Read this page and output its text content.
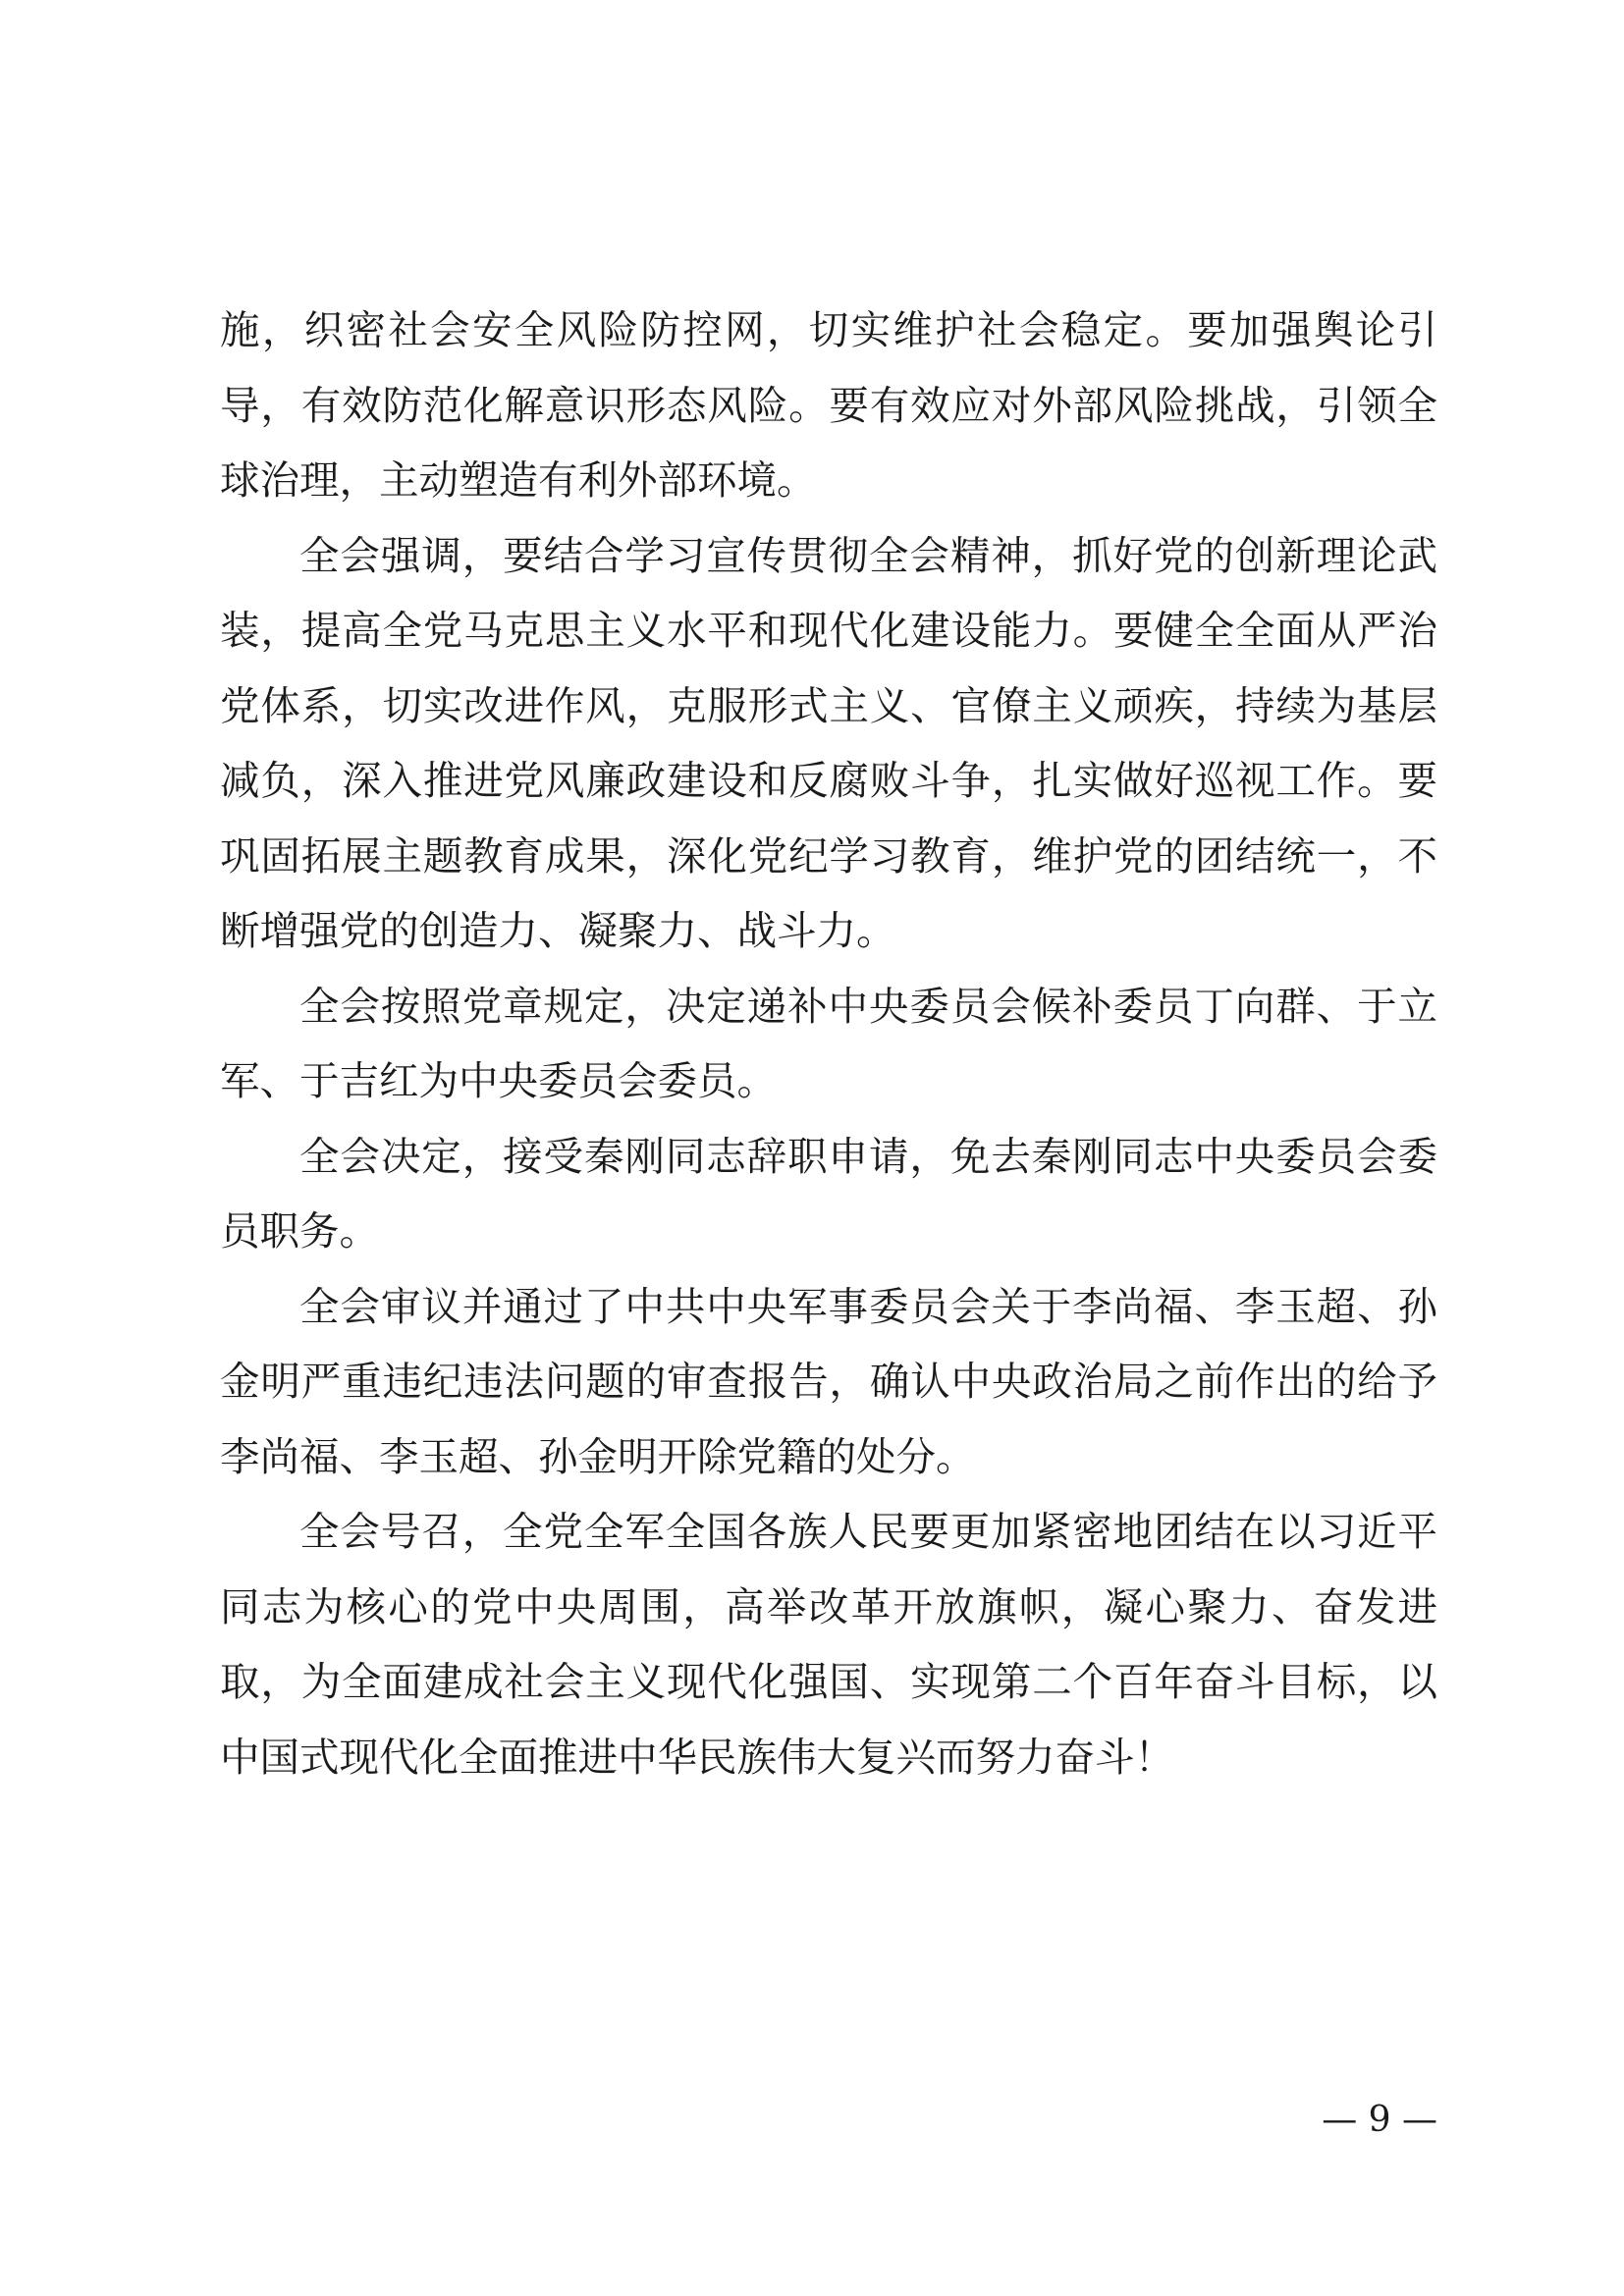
施，织密社会安全风险防控网，切实维护社会稳定。要加强舆论引导，有效防范化解意识形态风险。要有效应对外部风险挑战，引领全球治理，主动塑造有利外部环境。

全会强调，要结合学习宣传贯彻全会精神，抓好党的创新理论武装，提高全党马克思主义水平和现代化建设能力。要健全全面从严治党体系，切实改进作风，克服形式主义、官僚主义顽疾，持续为基层减负，深入推进党风廉政建设和反腐败斗争，扎实做好巡视工作。要巩固拓展主题教育成果，深化党纪学习教育，维护党的团结统一，不断增强党的创造力、凝聚力、战斗力。

全会按照党章规定，决定递补中央委员会候补委员丁向群、于立军、于吉红为中央委员会委员。

全会决定，接受秦刚同志辞职申请，免去秦刚同志中央委员会委员职务。

全会审议并通过了中共中央军事委员会关于李尚福、李玉超、孙金明严重违纪违法问题的审查报告，确认中央政治局之前作出的给予李尚福、李玉超、孙金明开除党籍的处分。

全会号召，全党全军全国各族人民要更加紧密地团结在以习近平同志为核心的党中央周围，高举改革开放旗帜，凝心聚力、奋发进取，为全面建成社会主义现代化强国、实现第二个百年奋斗目标，以中国式现代化全面推进中华民族伟大复兴而努力奋斗！

— 9 —
